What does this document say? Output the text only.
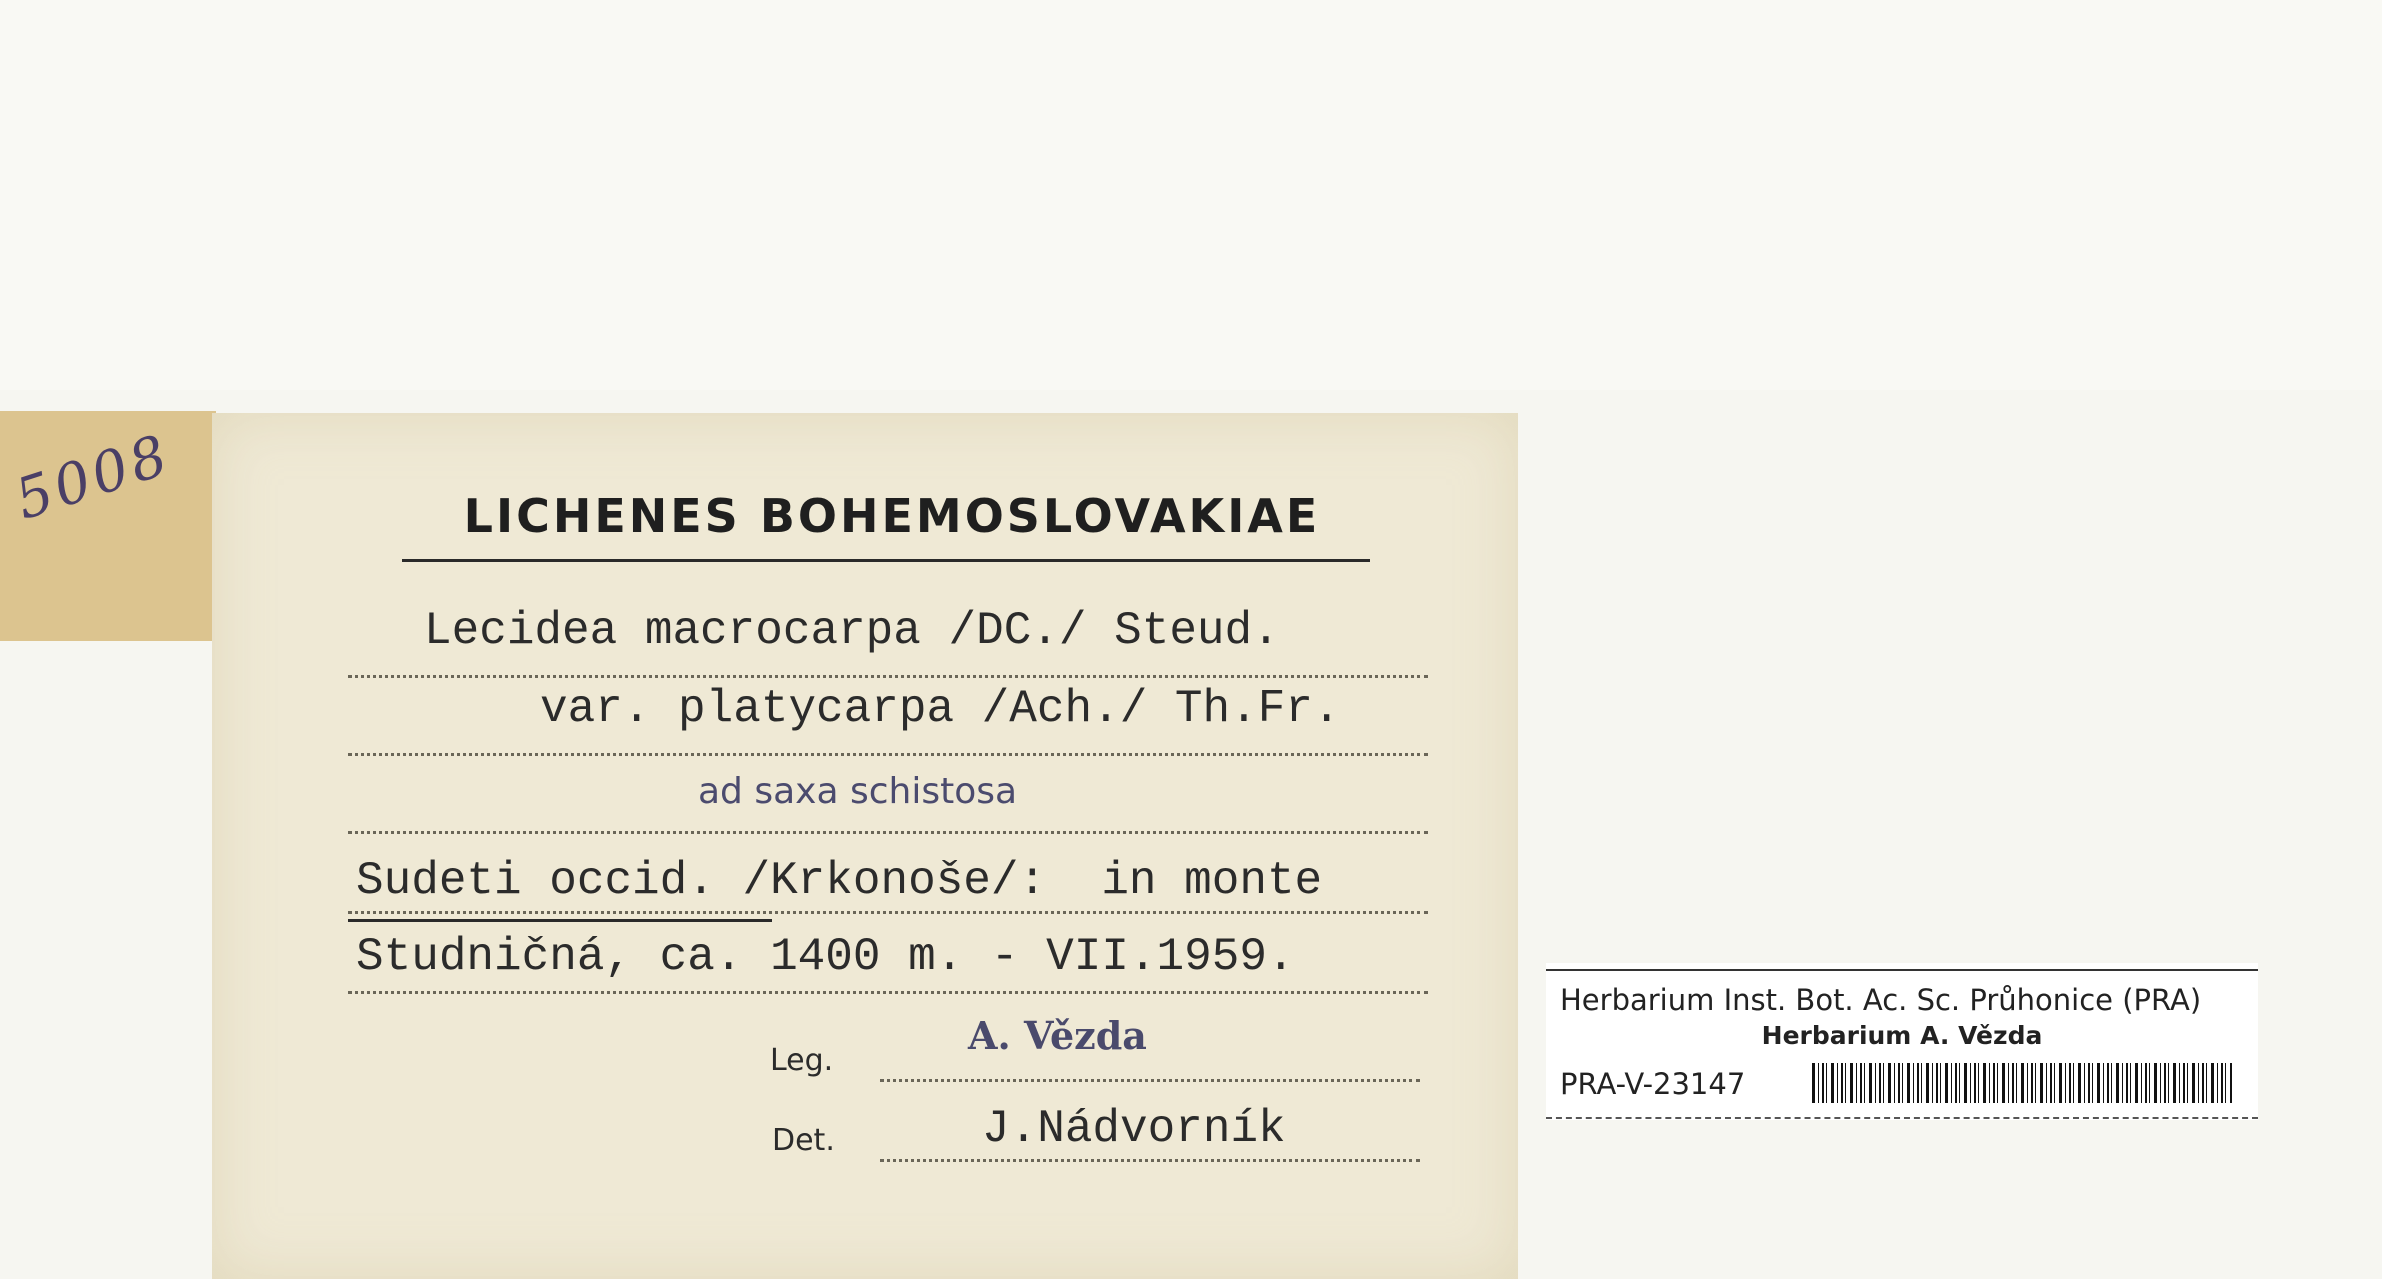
5008	LICHENES BOHEMOSLOVAKIAE
Lecidea macrocarpa /DC./ Steud.
var. platycarpa /Ach./ Th.Fr.
ad saxa schistosa
Sudeti occid. /Krkonoše/:  in monte
Studničná, ca. 1400 m. - VII.1959.
Leg.
A. Vězda
Det.	J.Nádvorník
Herbarium Inst. Bot. Ac. Sc. Průhonice (PRA)
Herbarium A. Vězda
PRA-V-23147
